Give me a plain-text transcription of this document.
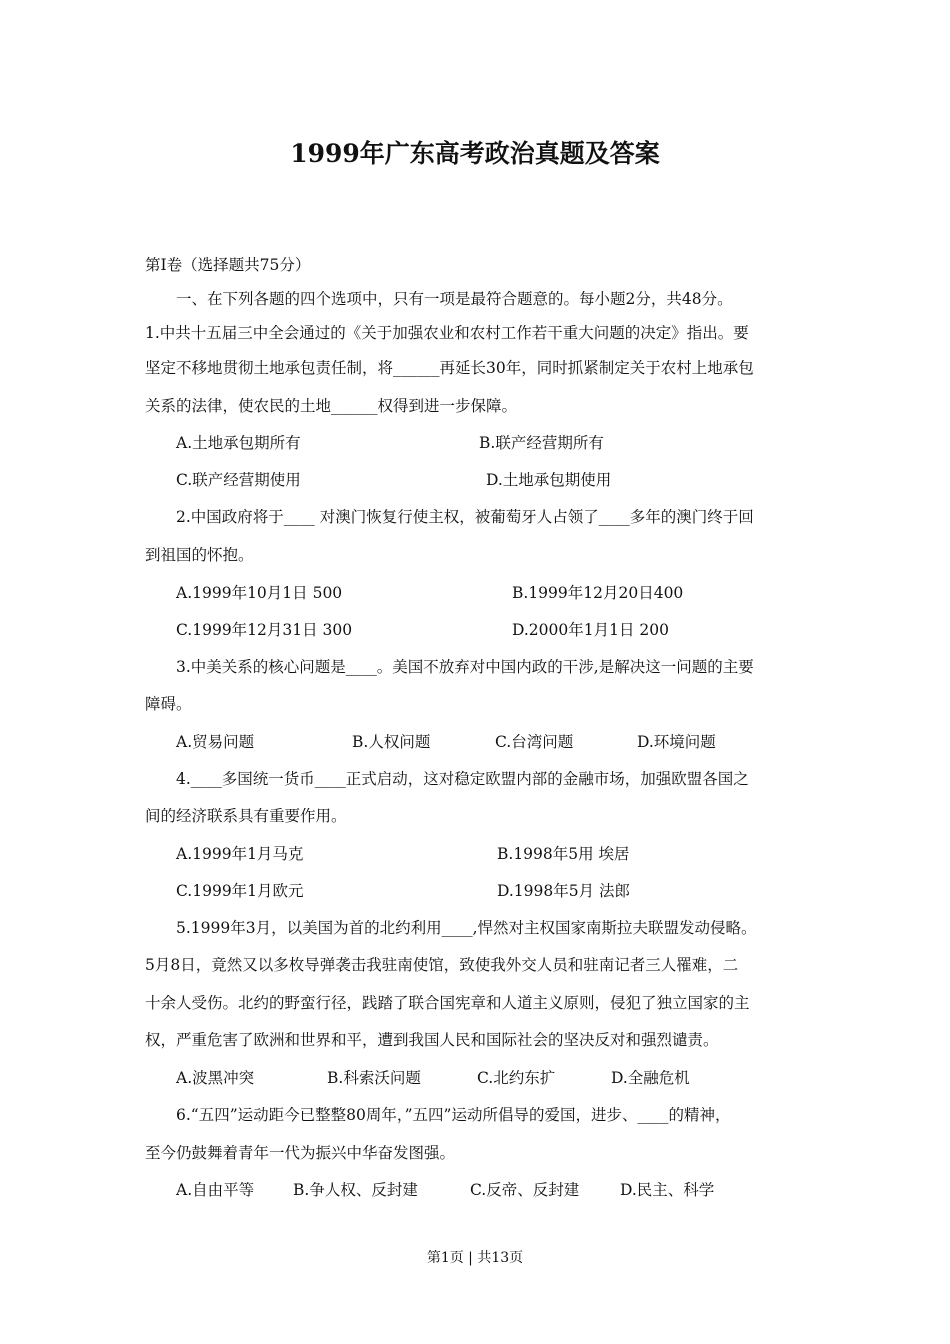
1999年广东高考政治真题及答案
第Ⅰ卷（选择题共75分）
一、在下列各题的四个选项中，只有一项是最符合题意的。每小题2分，共48分。
1.中共十五届三中全会通过的《关于加强农业和农村工作若干重大问题的决定》指出。要
坚定不移地贯彻土地承包责任制，将______再延长30年，同时抓紧制定关于农村上地承包
关系的法律，使农民的土地______权得到进一步保障。
A.土地承包期所有	B.联产经营期所有
C.联产经营期使用	D.土地承包期使用
2.中国政府将于____ 对澳门恢复行使主权，被葡萄牙人占领了____多年的澳门终于回
到祖国的怀抱。
A.1999年10月1日 500	B.1999年12月20日400
C.1999年12月31日 300	D.2000年1月1日 200
3.中美关系的核心问题是____。美国不放弃对中国内政的干涉,是解决这一问题的主要
障碍。
A.贸易问题	B.人权问题	C.台湾问题	D.环境问题
4.____多国统一货币____正式启动，这对稳定欧盟内部的金融市场，加强欧盟各国之
间的经济联系具有重要作用。
A.1999年1月马克	B.1998年5用 埃居
C.1999年1月欧元	D.1998年5月 法郎
5.1999年3月，以美国为首的北约利用____,悍然对主权国家南斯拉夫联盟发动侵略。
5月8日，竟然又以多枚导弹袭击我驻南使馆，致使我外交人员和驻南记者三人罹难，二
十余人受伤。北约的野蛮行径，践踏了联合国宪章和人道主义原则，侵犯了独立国家的主
权，严重危害了欧洲和世界和平，遭到我国人民和国际社会的坚决反对和强烈谴责。
A.波黑冲突	B.科索沃问题	C.北约东扩	D.全融危机
6.“五四”运动距今已整整80周年，”五四”运动所倡导的爱国，进步、____的精神，
至今仍鼓舞着青年一代为振兴中华奋发图强。
A.自由平等	B.争人权、反封建	C.反帝、反封建	D.民主、科学
第1页 | 共13页
